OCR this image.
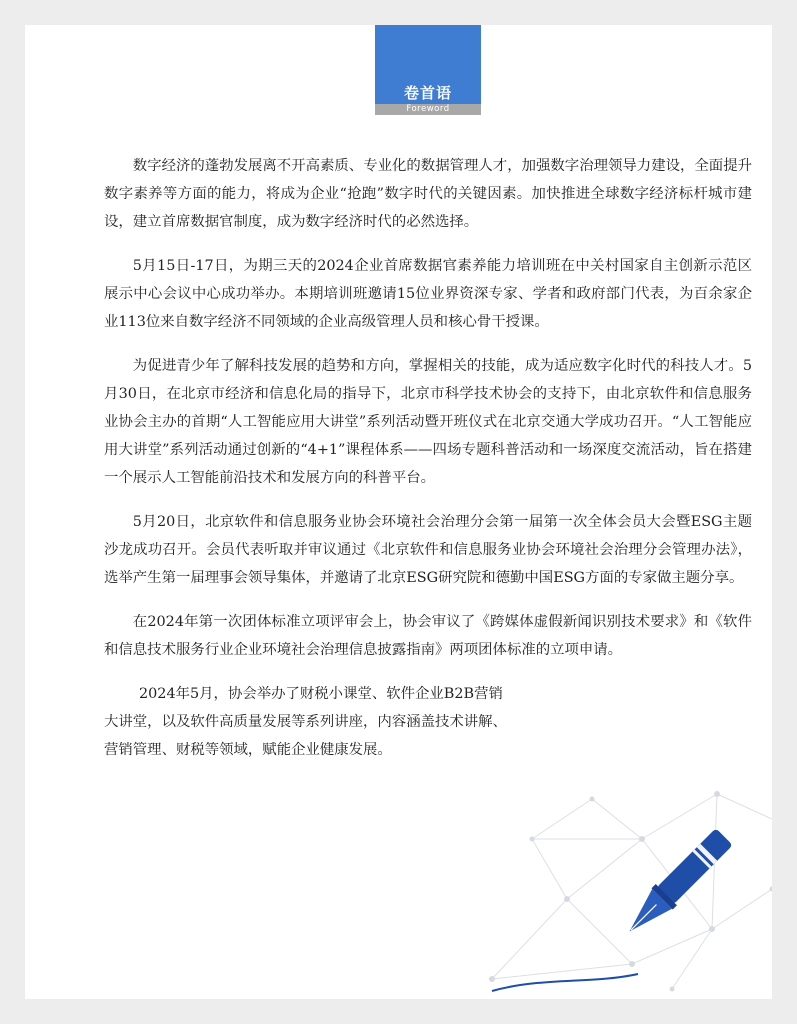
卷首语
Foreword

数字经济的蓬勃发展离不开高素质、专业化的数据管理人才，加强数字治理领导力建设，全面提升数字素养等方面的能力，将成为企业“抢跑”数字时代的关键因素。加快推进全球数字经济标杆城市建设，建立首席数据官制度，成为数字经济时代的必然选择。

5月15日-17日，为期三天的2024企业首席数据官素养能力培训班在中关村国家自主创新示范区展示中心会议中心成功举办。本期培训班邀请15位业界资深专家、学者和政府部门代表，为百余家企业113位来自数字经济不同领域的企业高级管理人员和核心骨干授课。

为促进青少年了解科技发展的趋势和方向，掌握相关的技能，成为适应数字化时代的科技人才。5月30日，在北京市经济和信息化局的指导下，北京市科学技术协会的支持下，由北京软件和信息服务业协会主办的首期“人工智能应用大讲堂”系列活动暨开班仪式在北京交通大学成功召开。“人工智能应用大讲堂”系列活动通过创新的“4+1”课程体系——四场专题科普活动和一场深度交流活动，旨在搭建一个展示人工智能前沿技术和发展方向的科普平台。

5月20日，北京软件和信息服务业协会环境社会治理分会第一届第一次全体会员大会暨ESG主题沙龙成功召开。会员代表听取并审议通过《北京软件和信息服务业协会环境社会治理分会管理办法》，选举产生第一届理事会领导集体，并邀请了北京ESG研究院和德勤中国ESG方面的专家做主题分享。

在2024年第一次团体标准立项评审会上，协会审议了《跨媒体虚假新闻识别技术要求》和《软件和信息技术服务行业企业环境社会治理信息披露指南》两项团体标准的立项申请。

2024年5月，协会举办了财税小课堂、软件企业B2B营销
大讲堂，以及软件高质量发展等系列讲座，内容涵盖技术讲解、
营销管理、财税等领域，赋能企业健康发展。
